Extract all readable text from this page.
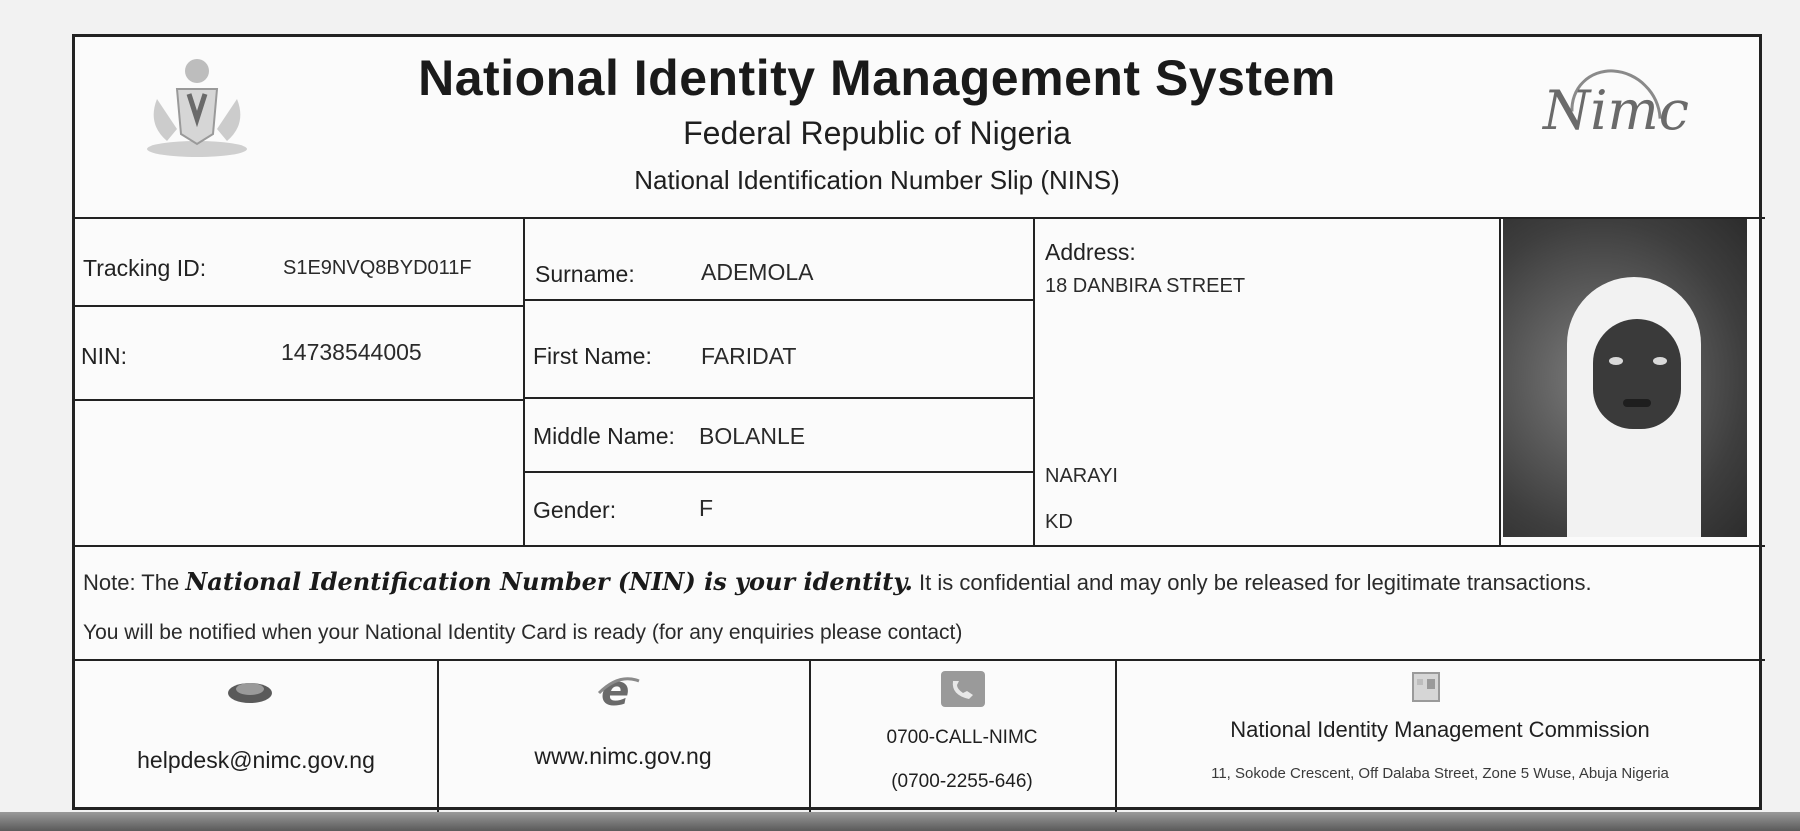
National Identity Management System
Federal Republic of Nigeria
National Identification Number Slip (NINS)
Nimc
Tracking ID:	S1E9NVQ8BYD011F
NIN:	14738544005
Surname:	ADEMOLA
First Name: FARIDAT
Middle Name: BOLANLE
Gender:	F
Address:
18 DANBIRA STREET
NARAYI
KD
Note: The National Identification Number (NIN) is your identity. It is confidential and may only be released for legitimate transactions.
You will be notified when your National Identity Card is ready (for any enquiries please contact)
helpdesk@nimc.gov.ng
e
www.nimc.gov.ng
0700-CALL-NIMC
(0700-2255-646)
National Identity Management Commission
11, Sokode Crescent, Off Dalaba Street, Zone 5 Wuse, Abuja Nigeria
